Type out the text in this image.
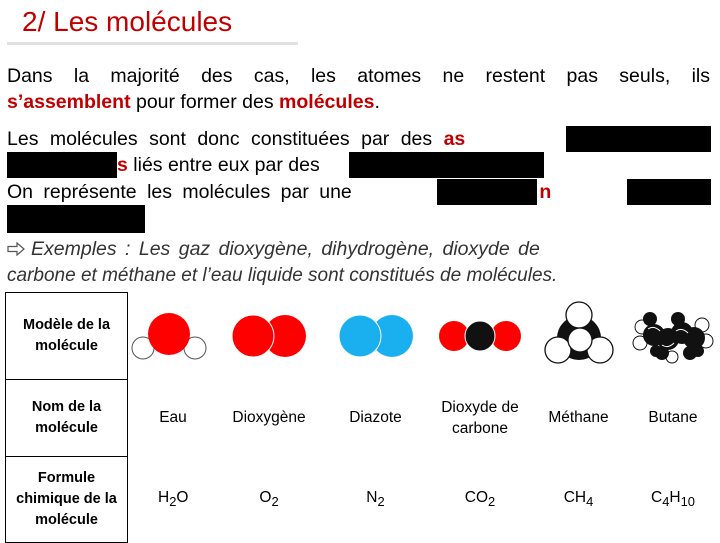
2/ Les molécules
Dans la majorité des cas, les atomes ne restent pas seuls, ils
s’assemblent pour former des molécules.
Les molécules sont donc constituées par des as
s liés entre eux par des
On représente les molécules par une	n
Exemples : Les gaz dioxygène, dihydrogène, dioxyde de
carbone et méthane et l’eau liquide sont constitués de molécules.
Modèle de la molécule	

Nom de la molécule	Eau	Dioxygène	Diazote	Dioxyde de carbone	Méthane	Butane
Formule chimique de la molécule	$H_2O$	$O_2$	$N_2$	$CO_2$	$CH_4$	$C_4H_{10}$
